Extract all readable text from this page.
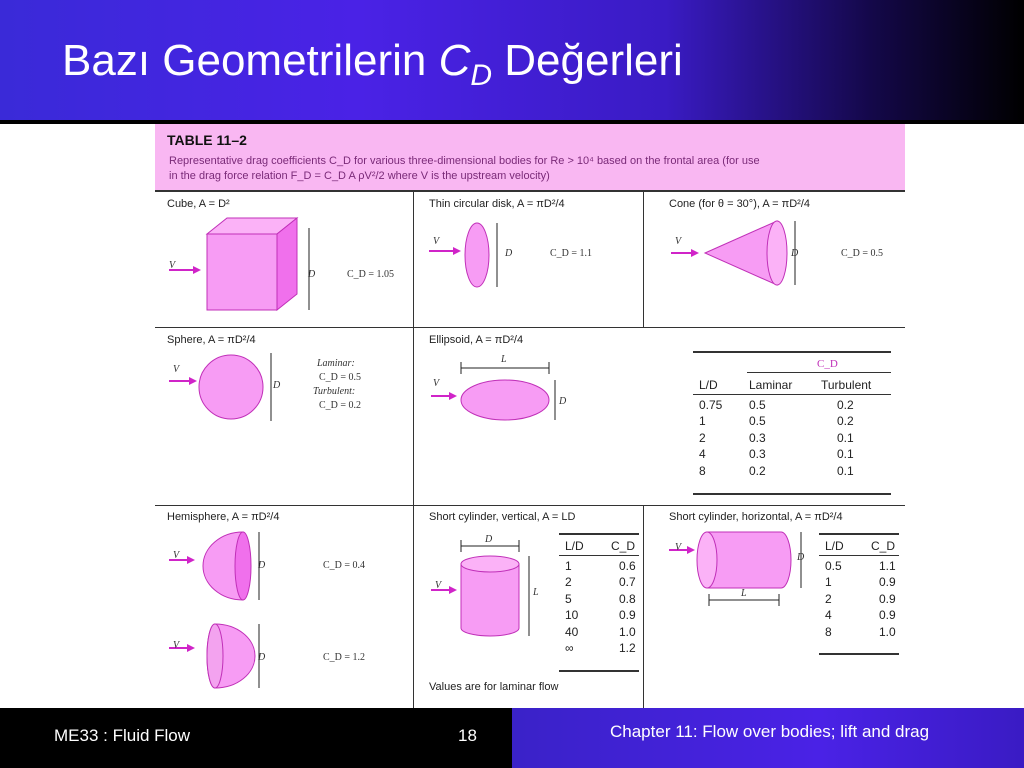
Bazı Geometrilerin $C_D$ Değerleri
TABLE 11–2
Representative drag coefficients C_D for various three-dimensional bodies for Re > 10⁴ based on the frontal area (for use
in the drag force relation F_D = C_D A ρV²/2 where V is the upstream velocity)
Cube, A = D²
V
D	C_D = 1.05
Thin circular disk, A = πD²/4
V
D	C_D = 1.1
Cone (for θ = 30°), A = πD²/4
V
D	C_D = 0.5
Sphere, A = πD²/4
V
D
Laminar:
C_D = 0.5
Turbulent:
C_D = 0.2
Ellipsoid, A = πD²/4
L
V
D
C_D
L/D	Laminar	Turbulent

0.75	0.5	0.2
1	0.5	0.2
2	0.3	0.1
4	0.3	0.1
8	0.2	0.1
Hemisphere, A = πD²/4
V
D	C_D = 0.4
V
D	C_D = 1.2
Short cylinder, vertical, A = LD
D
V
L
L/D	C_D

1	0.6
2	0.7
5	0.8
10	0.9
40	1.0
∞	1.2
Values are for laminar flow
Short cylinder, horizontal, A = πD²/4
V
D
L
L/D	C_D

0.5	1.1
1	0.9
2	0.9
4	0.9
8	1.0
ME33 : Fluid Flow	18	Chapter 11: Flow over bodies; lift and drag
